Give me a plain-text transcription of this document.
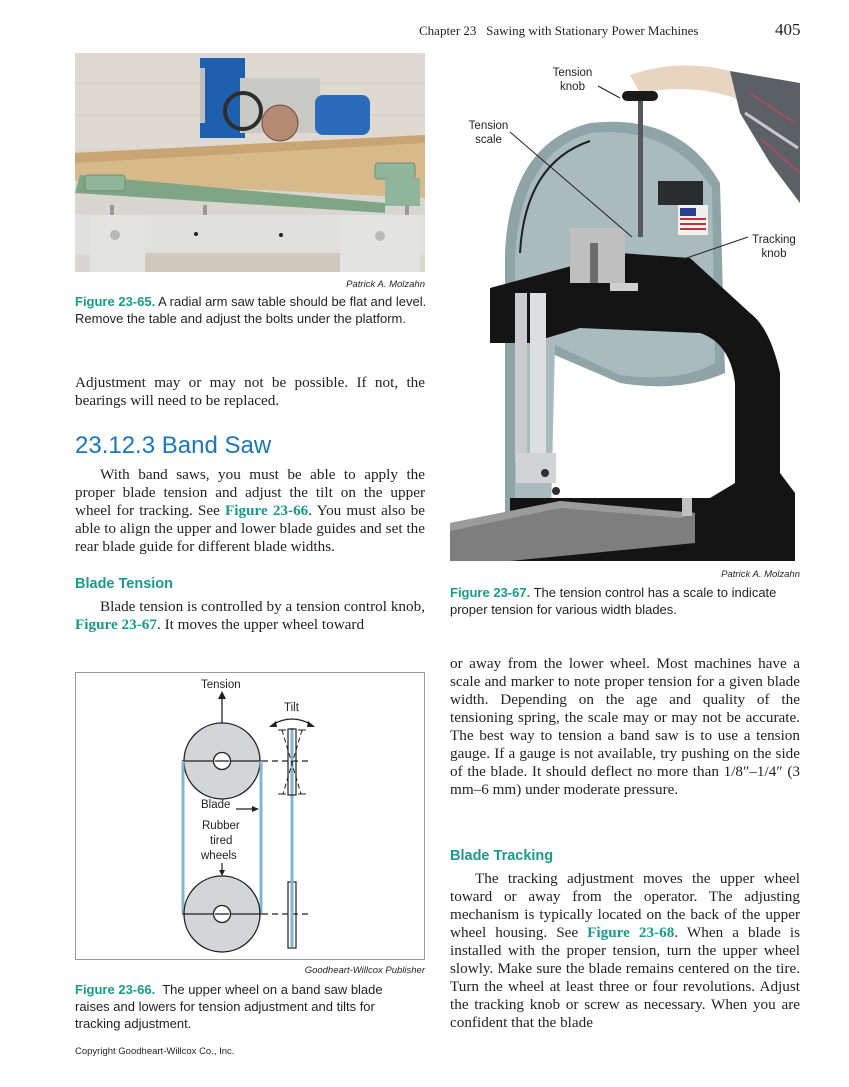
Chapter 23   Sawing with Stationary Power Machines	405
Patrick A. Molzahn
Figure 23-65. A radial arm saw table should be flat and level. Remove the table and adjust the bolts under the platform.

Adjustment may or may not be possible. If not, the bearings will need to be replaced.

23.12.3 Band Saw

With band saws, you must be able to apply the proper blade tension and adjust the tilt on the upper wheel for tracking. See Figure 23-66. You must also be able to align the upper and lower blade guides and set the rear blade guide for different blade widths.

Blade Tension

Blade tension is controlled by a tension control knob, Figure 23-67. It moves the upper wheel toward

Tension
Tilt
Blade
Rubber
tired
wheels
Goodheart-Willcox Publisher
Figure 23-66.  The upper wheel on a band saw blade raises and lowers for tension adjustment and tilts for tracking adjustment.
Tension
knob
Tension
scale
Tracking
knob
Patrick A. Molzahn
Figure 23-67. The tension control has a scale to indicate proper tension for various width blades.

or away from the lower wheel. Most machines have a scale and marker to note proper tension for a given blade width. Depending on the age and quality of the tensioning spring, the scale may or may not be accurate. The best way to tension a band saw is to use a tension gauge. If a gauge is not available, try pushing on the side of the blade. It should deflect no more than 1/8″–1/4″ (3 mm–6 mm) under moderate pressure.

Blade Tracking

The tracking adjustment moves the upper wheel toward or away from the operator. The adjusting mechanism is typically located on the back of the upper wheel housing. See Figure 23-68. When a blade is installed with the proper tension, turn the upper wheel slowly. Make sure the blade remains centered on the tire. Turn the wheel at least three or four revolutions. Adjust the tracking knob or screw as necessary. When you are confident that the blade

Copyright Goodheart-Willcox Co., Inc.
